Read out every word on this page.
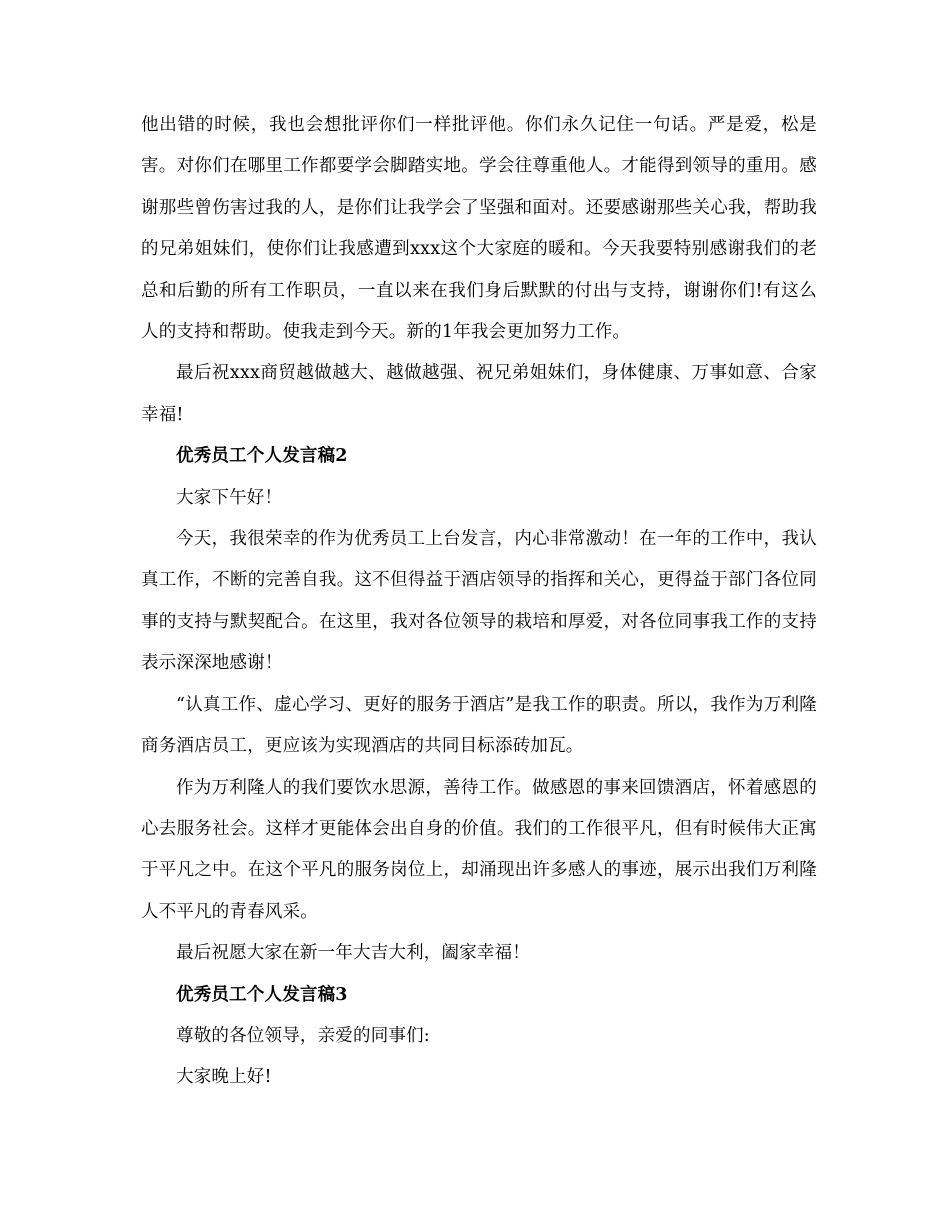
他出错的时候，我也会想批评你们一样批评他。你们永久记住一句话。严是爱，松是害。对你们在哪里工作都要学会脚踏实地。学会往尊重他人。才能得到领导的重用。感谢那些曾伤害过我的人，是你们让我学会了坚强和面对。还要感谢那些关心我，帮助我的兄弟姐妹们，使你们让我感遭到xxx这个大家庭的暖和。今天我要特别感谢我们的老总和后勤的所有工作职员，一直以来在我们身后默默的付出与支持，谢谢你们!有这么人的支持和帮助。使我走到今天。新的1年我会更加努力工作。

最后祝xxx商贸越做越大、越做越强、祝兄弟姐妹们，身体健康、万事如意、合家幸福!

优秀员工个人发言稿2

大家下午好！

今天，我很荣幸的作为优秀员工上台发言，内心非常激动！在一年的工作中，我认真工作，不断的完善自我。这不但得益于酒店领导的指挥和关心，更得益于部门各位同事的支持与默契配合。在这里，我对各位领导的栽培和厚爱，对各位同事我工作的支持表示深深地感谢！

“认真工作、虚心学习、更好的服务于酒店”是我工作的职责。所以，我作为万利隆商务酒店员工，更应该为实现酒店的共同目标添砖加瓦。

作为万利隆人的我们要饮水思源，善待工作。做感恩的事来回馈酒店，怀着感恩的心去服务社会。这样才更能体会出自身的价值。我们的工作很平凡，但有时候伟大正寓于平凡之中。在这个平凡的服务岗位上，却涌现出许多感人的事迹，展示出我们万利隆人不平凡的青春风采。

最后祝愿大家在新一年大吉大利，阖家幸福！

优秀员工个人发言稿3

尊敬的各位领导，亲爱的同事们:

大家晚上好!
